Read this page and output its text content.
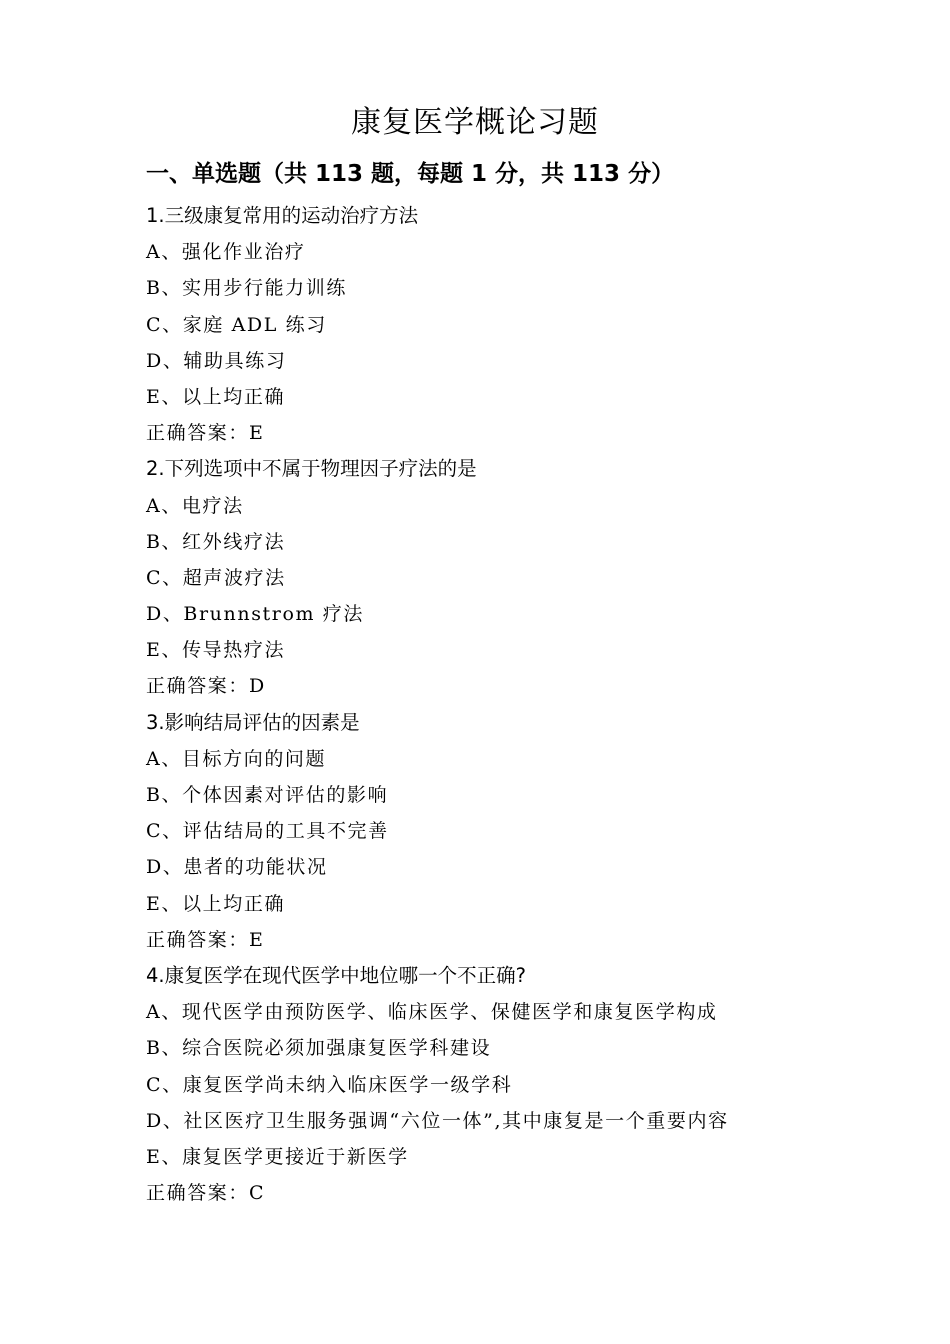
康复医学概论习题
一、单选题（共 113 题，每题 1 分，共 113 分）
1.三级康复常用的运动治疗方法
A、强化作业治疗
B、实用步行能力训练
C、家庭 ADL 练习
D、辅助具练习
E、以上均正确
正确答案：E
2.下列选项中不属于物理因子疗法的是
A、电疗法
B、红外线疗法
C、超声波疗法
D、Brunnstrom 疗法
E、传导热疗法
正确答案：D
3.影响结局评估的因素是
A、目标方向的问题
B、个体因素对评估的影响
C、评估结局的工具不完善
D、患者的功能状况
E、以上均正确
正确答案：E
4.康复医学在现代医学中地位哪一个不正确?
A、现代医学由预防医学、临床医学、保健医学和康复医学构成
B、综合医院必须加强康复医学科建设
C、康复医学尚未纳入临床医学一级学科
D、社区医疗卫生服务强调“六位一体”,其中康复是一个重要内容
E、康复医学更接近于新医学
正确答案：C
